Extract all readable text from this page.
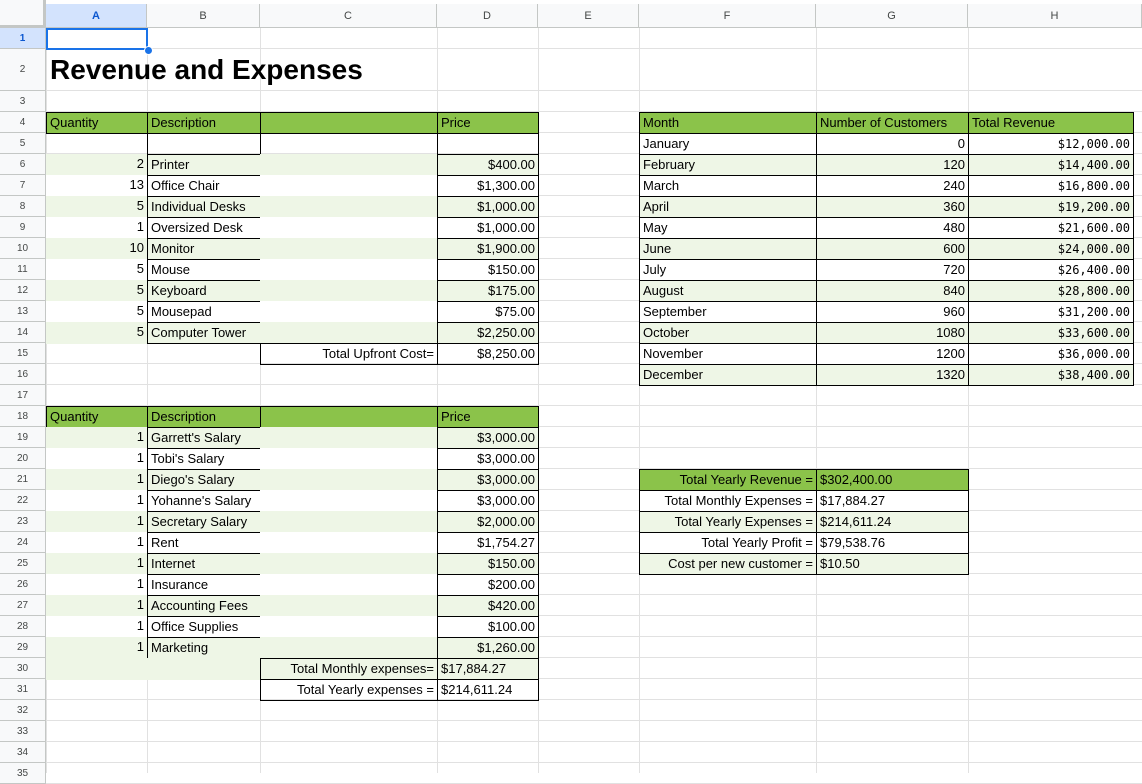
A	B	C	D	E	F	G	H
1
2
3
4
5
6
7
8
9
10
11
12
13
14
15
16
17
18
19
20
21
22
23
24
25
26
27
28
29
30
31
32
33
34
35
Revenue and Expenses
Quantity	Description	Price
2 Printer	$400.00
13 Office Chair	$1,300.00
5 Individual Desks	$1,000.00
1 Oversized Desk	$1,000.00
10 Monitor	$1,900.00
5 Mouse	$150.00
5 Keyboard	$175.00
5 Mousepad	$75.00
5 Computer Tower	$2,250.00
Total Upfront Cost=	$8,250.00
Quantity	Description	Price
1 Garrett's Salary	$3,000.00
1 Tobi's Salary	$3,000.00
1 Diego's Salary	$3,000.00
1 Yohanne's Salary	$3,000.00
1 Secretary Salary	$2,000.00
1 Rent	$1,754.27
1 Internet	$150.00
1 Insurance	$200.00
1 Accounting Fees	$420.00
1 Office Supplies	$100.00
1 Marketing	$1,260.00
Total Monthly expenses= $17,884.27
Total Yearly expenses = $214,611.24
Month	Number of Customers	Total Revenue
January	0	$12,000.00
February	120	$14,400.00
March	240	$16,800.00
April	360	$19,200.00
May	480	$21,600.00
June	600	$24,000.00
July	720	$26,400.00
August	840	$28,800.00
September	960	$31,200.00
October	1080	$33,600.00
November	1200	$36,000.00
December	1320	$38,400.00
Total Yearly Revenue = $302,400.00
Total Monthly Expenses = $17,884.27
Total Yearly Expenses = $214,611.24
Total Yearly Profit = $79,538.76
Cost per new customer = $10.50
